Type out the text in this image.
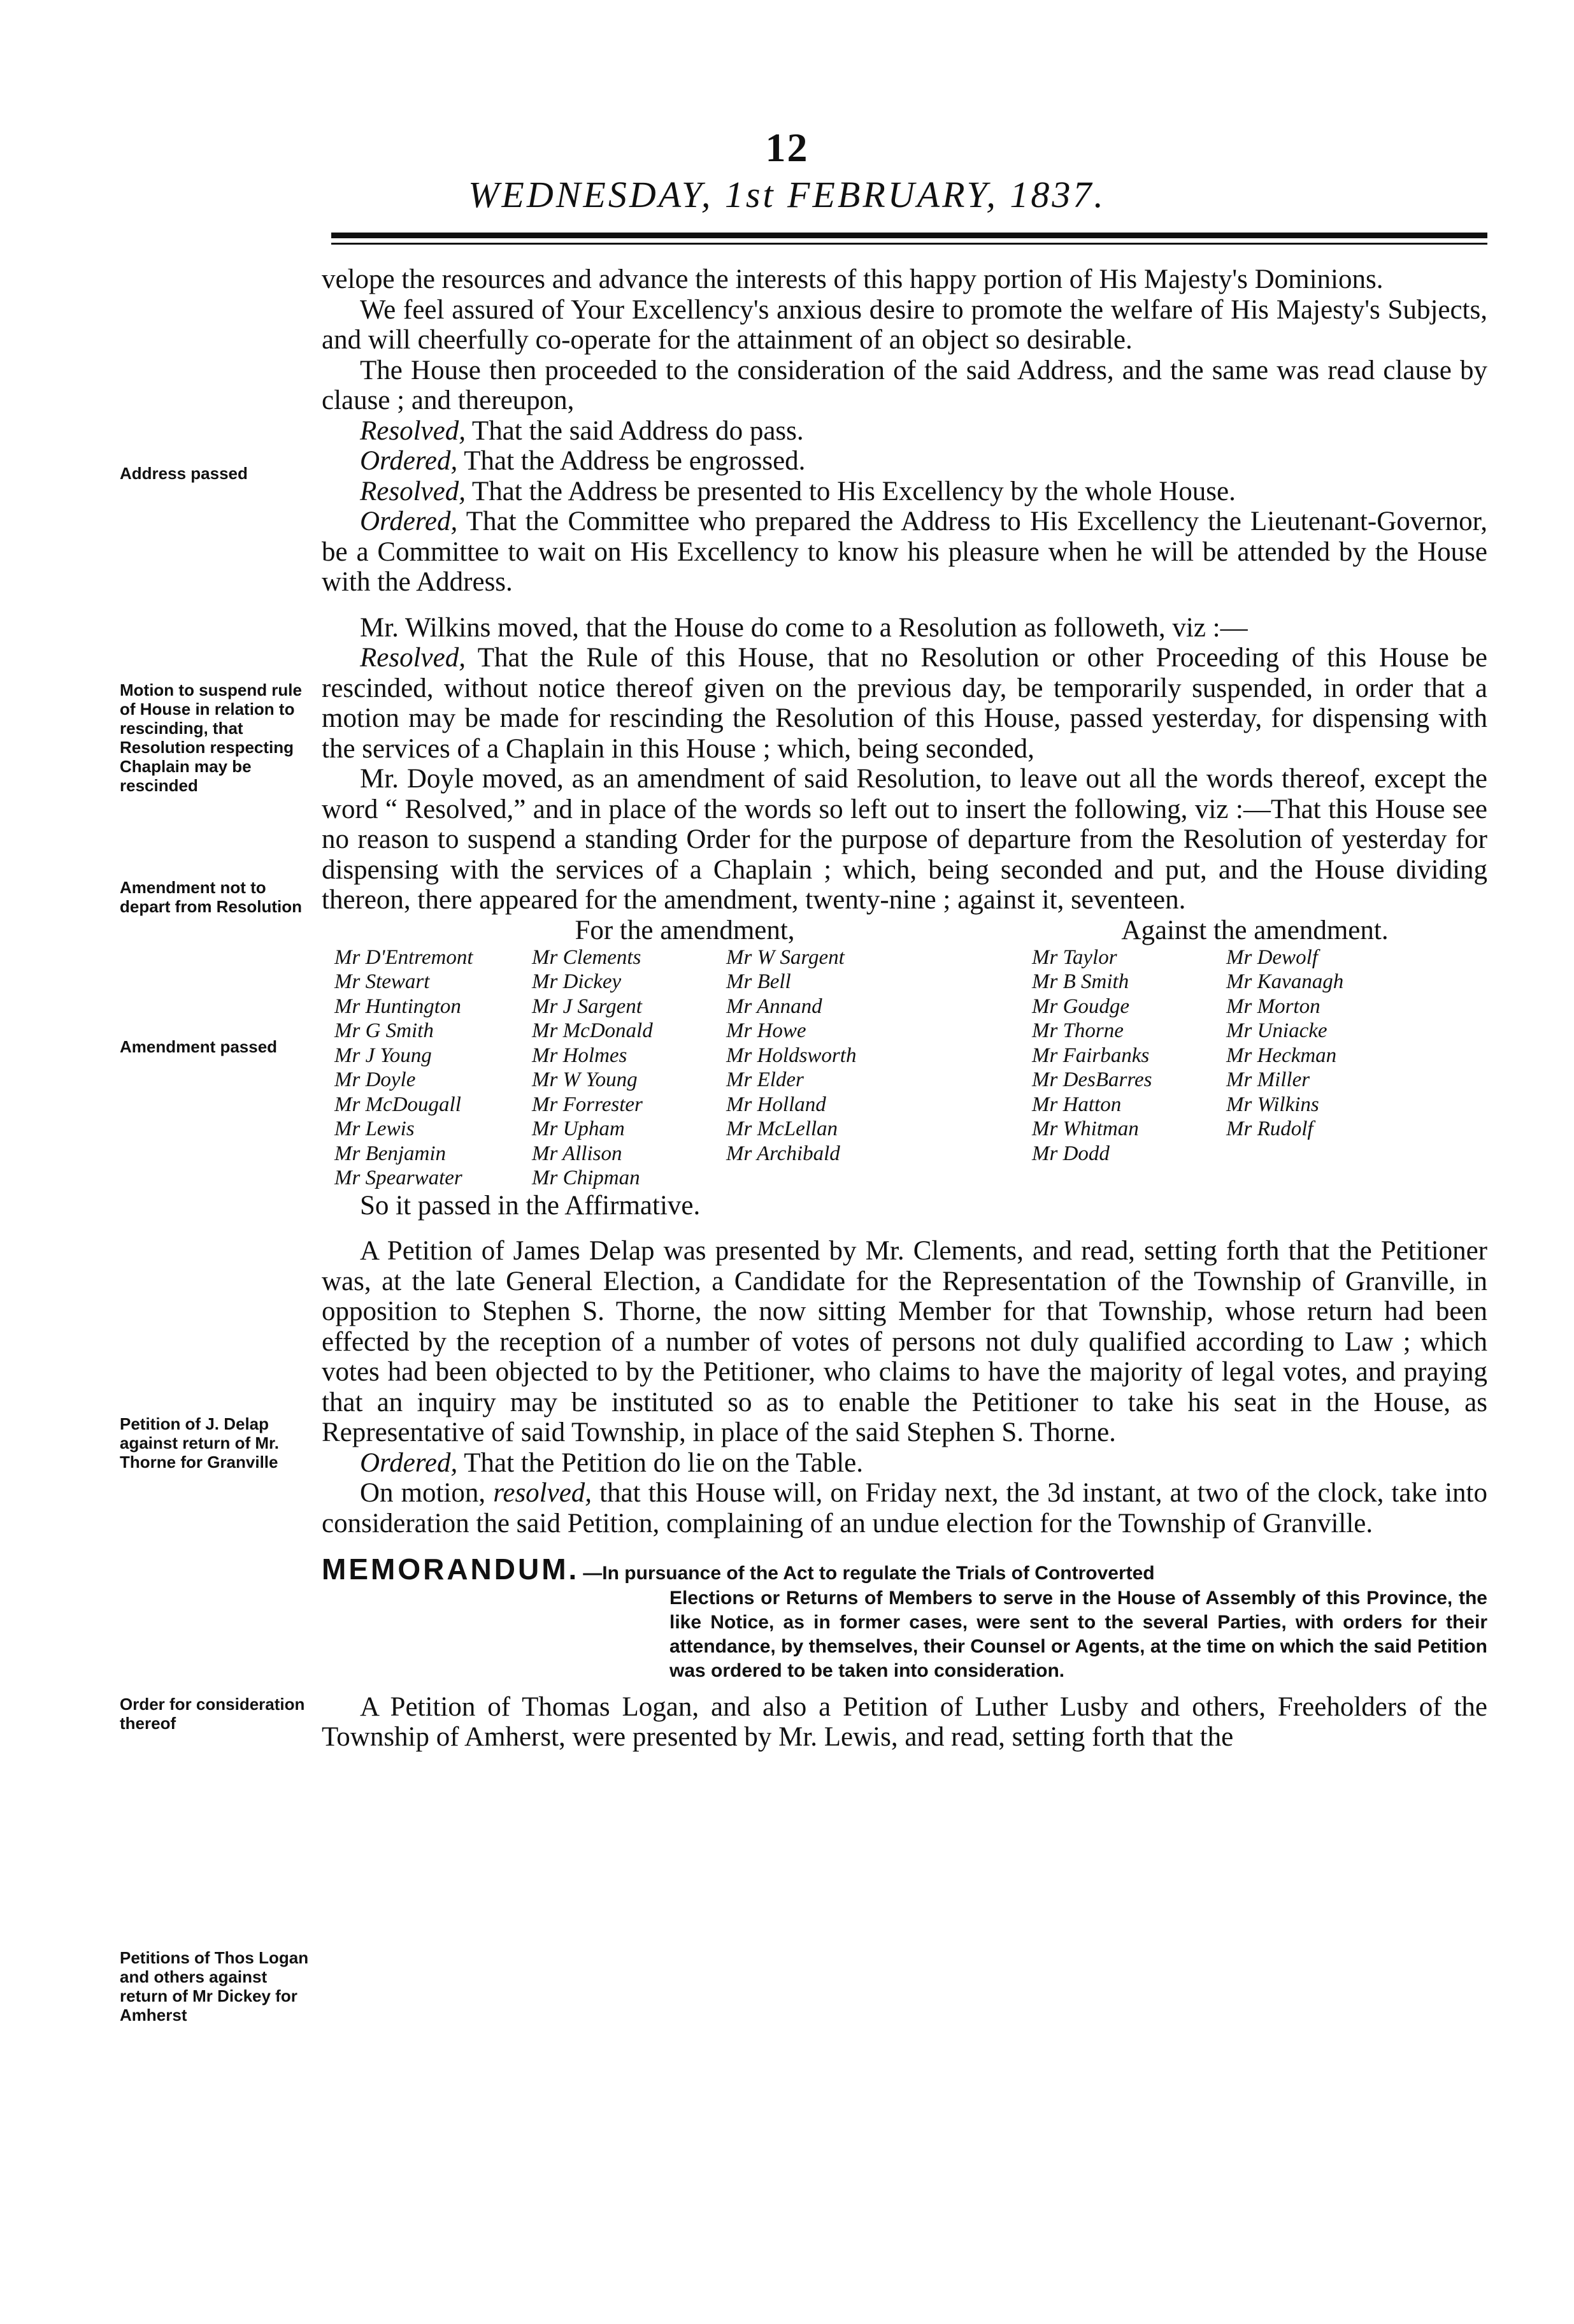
12
WEDNESDAY, 1st FEBRUARY, 1837.
Address passed
Motion to suspend rule of House in relation to rescinding, that Resolution respecting Chaplain may be rescinded
Amendment not to depart from Resolution
Amendment passed
Petition of J. Delap against return of Mr. Thorne for Granville
Order for consideration thereof
Petitions of Thos Logan and others against return of Mr Dickey for Amherst

velope the resources and advance the interests of this happy portion of His Majesty's Dominions.

We feel assured of Your Excellency's anxious desire to promote the welfare of His Majesty's Subjects, and will cheerfully co-operate for the attainment of an object so desirable.

The House then proceeded to the consideration of the said Address, and the same was read clause by clause ; and thereupon,

Resolved, That the said Address do pass.

Ordered, That the Address be engrossed.

Resolved, That the Address be presented to His Excellency by the whole House.

Ordered, That the Committee who prepared the Address to His Excellency the Lieutenant-Governor, be a Committee to wait on His Excellency to know his pleasure when he will be attended by the House with the Address.

Mr. Wilkins moved, that the House do come to a Resolution as followeth, viz :—

Resolved, That the Rule of this House, that no Resolution or other Proceeding of this House be rescinded, without notice thereof given on the previous day, be temporarily suspended, in order that a motion may be made for rescinding the Resolution of this House, passed yesterday, for dispensing with the services of a Chaplain in this House ; which, being seconded,

Mr. Doyle moved, as an amendment of said Resolution, to leave out all the words thereof, except the word “ Resolved,” and in place of the words so left out to insert the following, viz :—That this House see no reason to suspend a standing Order for the purpose of departure from the Resolution of yesterday for dispensing with the services of a Chaplain ; which, being seconded and put, and the House dividing thereon, there appeared for the amendment, twenty-nine ; against it, seventeen.

For the amendment,	Against the amendment.
Mr D'Entremont
Mr Stewart
Mr Huntington
Mr G Smith
Mr J Young
Mr Doyle
Mr McDougall
Mr Lewis
Mr Benjamin
Mr Spearwater
Mr Clements
Mr Dickey
Mr J Sargent
Mr McDonald
Mr Holmes
Mr W Young
Mr Forrester
Mr Upham
Mr Allison
Mr Chipman
Mr W Sargent
Mr Bell
Mr Annand
Mr Howe
Mr Holdsworth
Mr Elder
Mr Holland
Mr McLellan
Mr Archibald
Mr Taylor
Mr B Smith
Mr Goudge
Mr Thorne
Mr Fairbanks
Mr DesBarres
Mr Hatton
Mr Whitman
Mr Dodd
Mr Dewolf
Mr Kavanagh
Mr Morton
Mr Uniacke
Mr Heckman
Mr Miller
Mr Wilkins
Mr Rudolf

So it passed in the Affirmative.

A Petition of James Delap was presented by Mr. Clements, and read, setting forth that the Petitioner was, at the late General Election, a Candidate for the Representation of the Township of Granville, in opposition to Stephen S. Thorne, the now sitting Member for that Township, whose return had been effected by the reception of a number of votes of persons not duly qualified according to Law ; which votes had been objected to by the Petitioner, who claims to have the majority of legal votes, and praying that an inquiry may be instituted so as to enable the Petitioner to take his seat in the House, as Representative of said Township, in place of the said Stephen S. Thorne.

Ordered, That the Petition do lie on the Table.

On motion, resolved, that this House will, on Friday next, the 3d instant, at two of the clock, take into consideration the said Petition, complaining of an undue election for the Township of Granville.

MEMORANDUM. —In pursuance of the Act to regulate the Trials of Controverted
Elections or Returns of Members to serve in the House of Assembly of this Province, the like Notice, as in former cases, were sent to the several Parties, with orders for their attendance, by themselves, their Counsel or Agents, at the time on which the said Petition was ordered to be taken into consideration.

A Petition of Thomas Logan, and also a Petition of Luther Lusby and others, Freeholders of the Township of Amherst, were presented by Mr. Lewis, and read, setting forth that the
